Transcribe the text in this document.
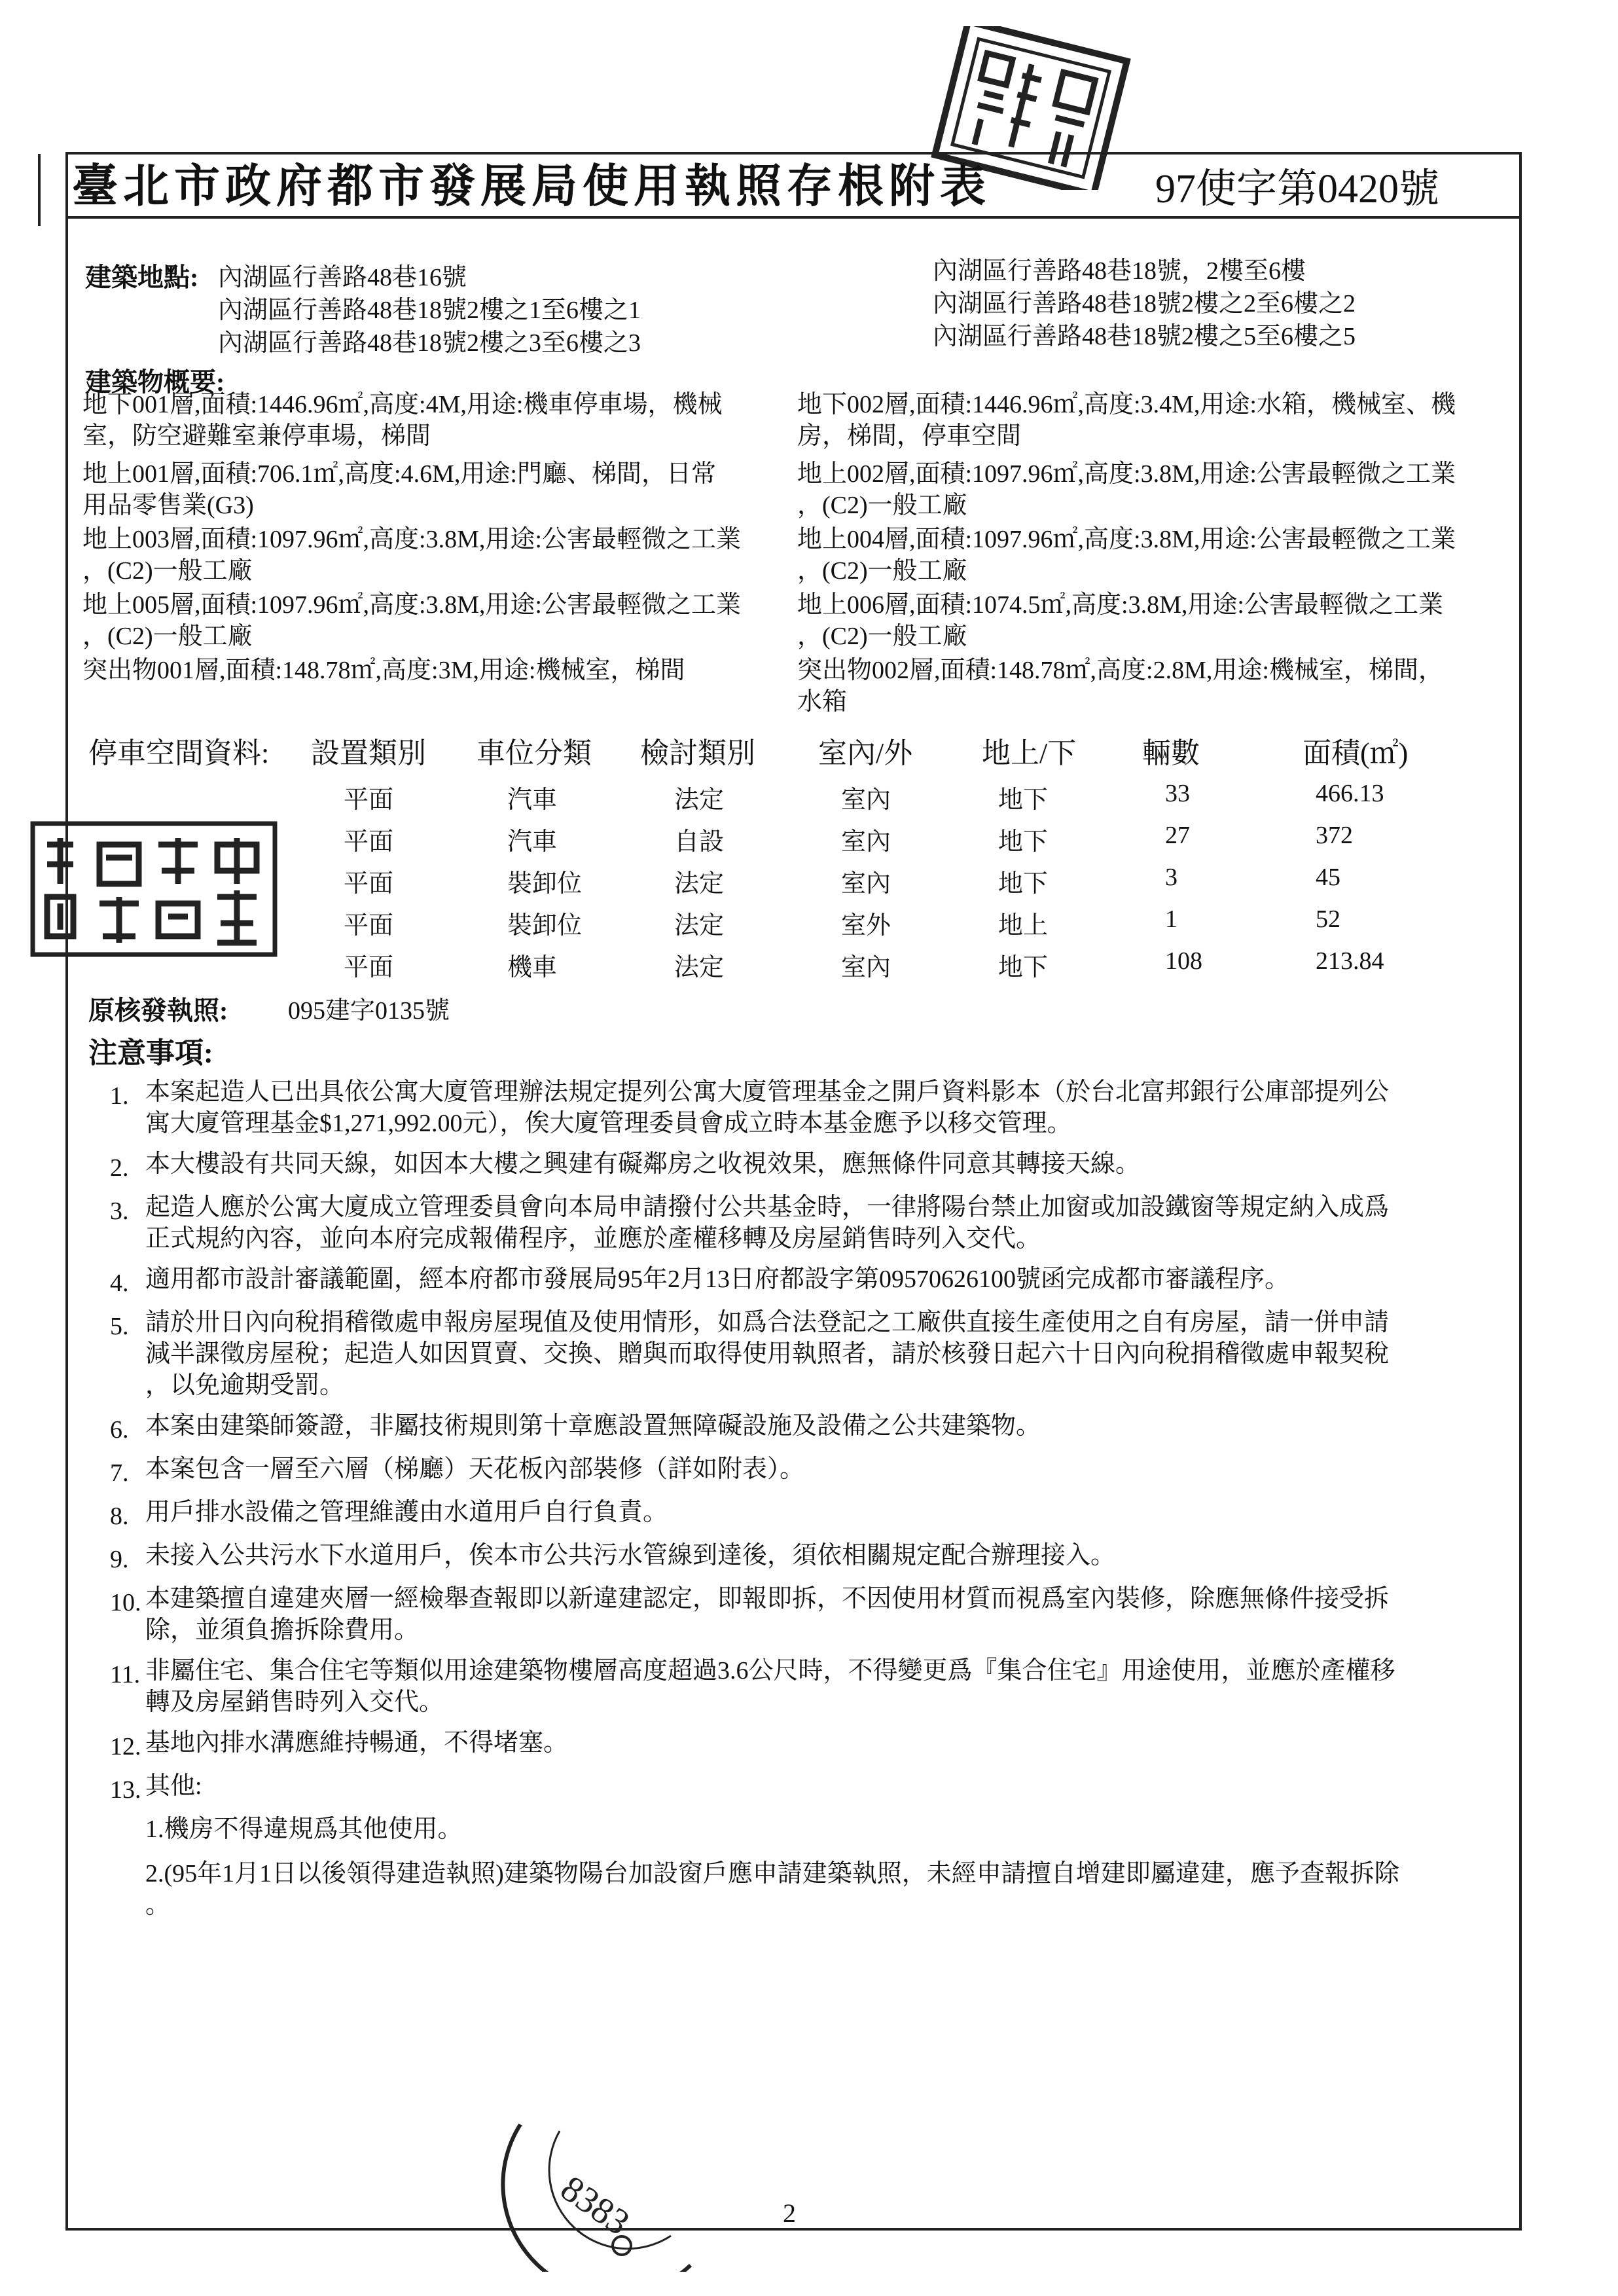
臺北市政府都市發展局使用執照存根附表	97使字第0420號
建築地點: 內湖區行善路48巷16號
內湖區行善路48巷18號2樓之1至6樓之1
內湖區行善路48巷18號2樓之3至6樓之3
內湖區行善路48巷18號，2樓至6樓
內湖區行善路48巷18號2樓之2至6樓之2
內湖區行善路48巷18號2樓之5至6樓之5
建築物概要:
地下001層,面積:1446.96㎡,高度:4M,用途:機車停車場，機械
室，防空避難室兼停車場，梯間
地上001層,面積:706.1㎡,高度:4.6M,用途:門廳、梯間，日常
用品零售業(G3)
地上003層,面積:1097.96㎡,高度:3.8M,用途:公害最輕微之工業
，(C2)一般工廠
地上005層,面積:1097.96㎡,高度:3.8M,用途:公害最輕微之工業
，(C2)一般工廠
突出物001層,面積:148.78㎡,高度:3M,用途:機械室，梯間
地下002層,面積:1446.96㎡,高度:3.4M,用途:水箱，機械室、機
房，梯間，停車空間
地上002層,面積:1097.96㎡,高度:3.8M,用途:公害最輕微之工業
，(C2)一般工廠
地上004層,面積:1097.96㎡,高度:3.8M,用途:公害最輕微之工業
，(C2)一般工廠
地上006層,面積:1074.5㎡,高度:3.8M,用途:公害最輕微之工業
，(C2)一般工廠
突出物002層,面積:148.78㎡,高度:2.8M,用途:機械室，梯間，
水箱
停車空間資料: 設置類別 車位分類 檢討類別 室內/外 地上/下 輛數	面積(㎡)
平面	汽車	法定	室內	地下	33	466.13
平面	汽車	自設	室內	地下	27	372
平面	裝卸位	法定	室內	地下	3	45
平面	裝卸位	法定	室外	地上	1	52
平面	機車	法定	室內	地下	108	213.84
原核發執照: 095建字0135號
注意事項:
1. 本案起造人已出具依公寓大廈管理辦法規定提列公寓大廈管理基金之開戶資料影本（於台北富邦銀行公庫部提列公
寓大廈管理基金$1,271,992.00元），俟大廈管理委員會成立時本基金應予以移交管理。
2. 本大樓設有共同天線，如因本大樓之興建有礙鄰房之收視效果，應無條件同意其轉接天線。
3. 起造人應於公寓大廈成立管理委員會向本局申請撥付公共基金時，一律將陽台禁止加窗或加設鐵窗等規定納入成爲
正式規約內容，並向本府完成報備程序，並應於產權移轉及房屋銷售時列入交代。
4. 適用都市設計審議範圍，經本府都市發展局95年2月13日府都設字第09570626100號函完成都市審議程序。
5. 請於卅日內向稅捐稽徵處申報房屋現值及使用情形，如爲合法登記之工廠供直接生產使用之自有房屋，請一併申請
減半課徵房屋稅；起造人如因買賣、交換、贈與而取得使用執照者，請於核發日起六十日內向稅捐稽徵處申報契稅
，以免逾期受罰。
6. 本案由建築師簽證，非屬技術規則第十章應設置無障礙設施及設備之公共建築物。
7. 本案包含一層至六層（梯廳）天花板內部裝修（詳如附表）。
8. 用戶排水設備之管理維護由水道用戶自行負責。
9. 未接入公共污水下水道用戶，俟本市公共污水管線到達後，須依相關規定配合辦理接入。
10. 本建築擅自違建夾層一經檢舉查報即以新違建認定，即報即拆，不因使用材質而視爲室內裝修，除應無條件接受拆
除，並須負擔拆除費用。
11. 非屬住宅、集合住宅等類似用途建築物樓層高度超過3.6公尺時，不得變更爲『集合住宅』用途使用，並應於產權移
轉及房屋銷售時列入交代。
12. 基地內排水溝應維持暢通，不得堵塞。
13. 其他:
1.機房不得違規爲其他使用。
2.(95年1月1日以後領得建造執照)建築物陽台加設窗戶應申請建築執照，未經申請擅自增建即屬違建，應予查報拆除
。
8383	2
